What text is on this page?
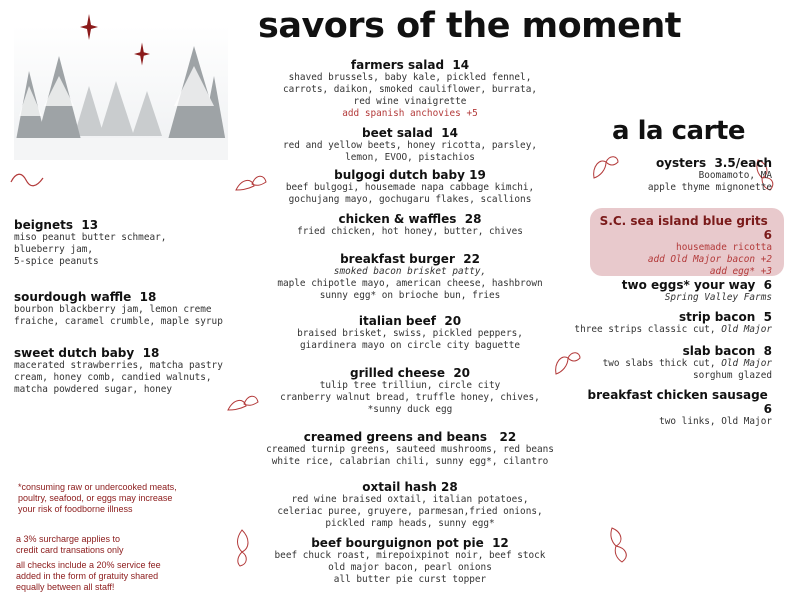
savors of the moment
a la carte
farmers salad 14
shaved brussels, baby kale, pickled fennel,
carrots, daikon, smoked cauliflower, burrata,
red wine vinaigrette
add spanish anchovies +5
beet salad 14
red and yellow beets, honey ricotta, parsley,
lemon, EVOO, pistachios
bulgogi dutch baby 19
beef bulgogi, housemade napa cabbage kimchi,
gochujang mayo, gochugaru flakes, scallions
chicken & waffles 28
fried chicken, hot honey, butter, chives
breakfast burger 22
smoked bacon brisket patty,
maple chipotle mayo, american cheese, hashbrown
sunny egg* on brioche bun, fries
italian beef 20
braised brisket, swiss, pickled peppers,
giardinera mayo on circle city baguette
grilled cheese 20
tulip tree trilliun, circle city
cranberry walnut bread, truffle honey, chives,
*sunny duck egg
creamed greens and beans 22
creamed turnip greens, sauteed mushrooms, red beans
white rice, calabrian chili, sunny egg*, cilantro
oxtail hash 28
red wine braised oxtail, italian potatoes,
celeriac puree, gruyere, parmesan,fried onions,
pickled ramp heads, sunny egg*
beef bourguignon pot pie 12
beef chuck roast, mirepoixpinot noir, beef stock
old major bacon, pearl onions
all butter pie curst topper
beignets 13
miso peanut butter schmear,
blueberry jam,
5-spice peanuts
sourdough waffle 18
bourbon blackberry jam, lemon creme
fraiche, caramel crumble, maple syrup
sweet dutch baby 18
macerated strawberries, matcha pastry
cream, honey comb, candied walnuts,
matcha powdered sugar, honey
*consuming raw or undercooked meats,
poultry, seafood, or eggs may increase
your risk of foodborne illness
a 3% surcharge applies to
credit card transations only
all checks include a 20% service fee
added in the form of gratuity shared
equally between all staff!
oysters 3.5/each
Boomamoto, MA
apple thyme mignonette
S.C. sea island blue grits  6
housemade ricotta
add Old Major bacon +2
add egg* +3
two eggs* your way 6
Spring Valley Farms
strip bacon 5
three strips classic cut, Old Major
slab bacon 8
two slabs thick cut, Old Major
sorghum glazed
breakfast chicken sausage  6
two links, Old Major
